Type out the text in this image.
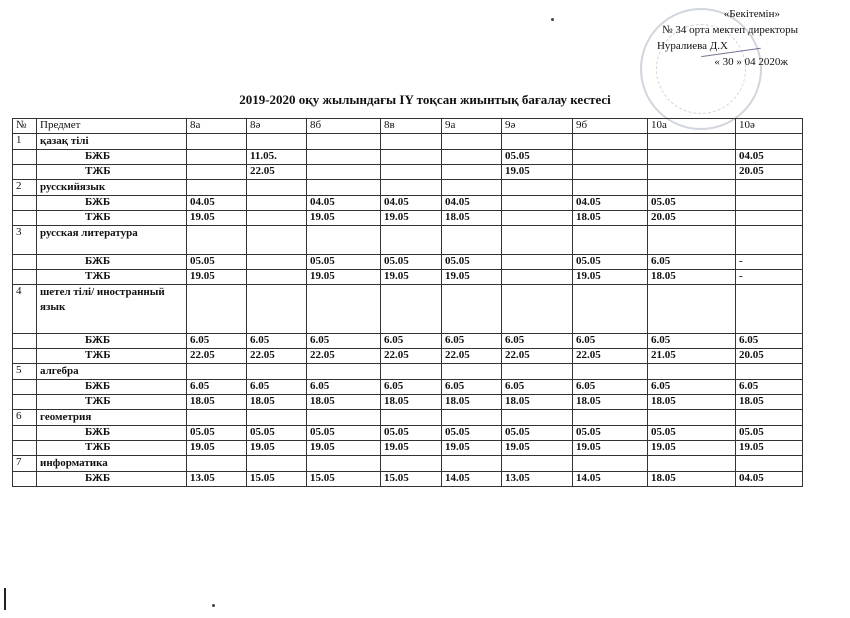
«Бекітемін»
№ 34 орта мектеп директоры
Нуралиева Д.Х
« 30 » 04 2020ж
2019-2020 оқу жылындағы IY тоқсан жиынтық бағалау кестесі
№	Предмет	8а	8ә	8б	8в	9а	9ә	9б	10а	10ә
1	қазақ тілі									
	БЖБ		11.05.				05.05			04.05
	ТЖБ		22.05				19.05			20.05
2	русскийязык									
	БЖБ	04.05		04.05	04.05	04.05		04.05	05.05	
	ТЖБ	19.05		19.05	19.05	18.05		18.05	20.05	
3	русская литература									
	БЖБ	05.05		05.05	05.05	05.05		05.05	6.05	-
	ТЖБ	19.05		19.05	19.05	19.05		19.05	18.05	-
4	шетел тілі/ иностранный язык									
	БЖБ	6.05	6.05	6.05	6.05	6.05	6.05	6.05	6.05	6.05
	ТЖБ	22.05	22.05	22.05	22.05	22.05	22.05	22.05	21.05	20.05
5	алгебра									
	БЖБ	6.05	6.05	6.05	6.05	6.05	6.05	6.05	6.05	6.05
	ТЖБ	18.05	18.05	18.05	18.05	18.05	18.05	18.05	18.05	18.05
6	геометрия									
	БЖБ	05.05	05.05	05.05	05.05	05.05	05.05	05.05	05.05	05.05
	ТЖБ	19.05	19.05	19.05	19.05	19.05	19.05	19.05	19.05	19.05
7	информатика									
	БЖБ	13.05	15.05	15.05	15.05	14.05	13.05	14.05	18.05	04.05
